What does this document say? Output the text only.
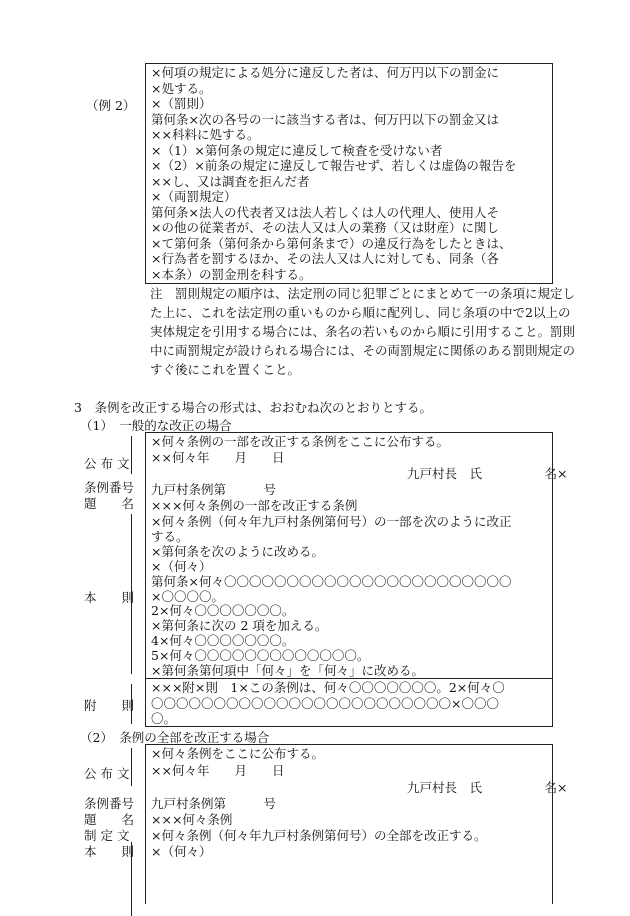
（例 2）
×何項の規定による処分に違反した者は、何万円以下の罰金に
×処する。
×（罰則）
第何条×次の各号の一に該当する者は、何万円以下の罰金又は
××科料に処する。
×（1）×第何条の規定に違反して検査を受けない者
×（2）×前条の規定に違反して報告せず、若しくは虚偽の報告を
××し、又は調査を拒んだ者
×（両罰規定）
第何条×法人の代表者又は法人若しくは人の代理人、使用人そ
×の他の従業者が、その法人又は人の業務（又は財産）に関し
×て第何条（第何条から第何条まで）の違反行為をしたときは、
×行為者を罰するほか、その法人又は人に対しても、同条（各
×本条）の罰金刑を科する。
注　罰則規定の順序は、法定刑の同じ犯罪ごとにまとめて一の条項に規定し
た上に、これを法定刑の重いものから順に配列し、同じ条項の中で2以上の
実体規定を引用する場合には、条名の若いものから順に引用すること。罰則
中に両罰規定が設けられる場合には、その両罰規定に関係のある罰則規定の
すぐ後にこれを置くこと。
3　条例を改正する場合の形式は、おおむね次のとおりとする。
（1）　一般的な改正の場合
公 布 文
条例番号
題　　名
本　　則
附　　則
×何々条例の一部を改正する条例をここに公布する。
××何々年　　月　　日
九戸村長　氏　　　　　名×
九戸村条例第　　　号
×××何々条例の一部を改正する条例
×何々条例（何々年九戸村条例第何号）の一部を次のように改正
する。
×第何条を次のように改める。
×（何々）
第何条×何々〇〇〇〇〇〇〇〇〇〇〇〇〇〇〇〇〇〇〇〇〇〇〇
×〇〇〇〇。
2×何々〇〇〇〇〇〇〇。
×第何条に次の 2 項を加える。
4×何々〇〇〇〇〇〇〇。
5×何々〇〇〇〇〇〇〇〇〇〇〇〇〇。
×第何条第何項中「何々」を「何々」に改める。
×××附×則　1×この条例は、何々〇〇〇〇〇〇〇。2×何々〇
〇〇〇〇〇〇〇〇〇〇〇〇〇〇〇〇〇〇〇〇〇〇〇〇×〇〇〇
〇。
（2）　条例の全部を改正する場合
公 布 文
条例番号
題　　名
制 定 文
本　　則
×何々条例をここに公布する。
××何々年　　月　　日
九戸村長　氏　　　　　名×
九戸村条例第　　　号
×××何々条例
×何々条例（何々年九戸村条例第何号）の全部を改正する。
×（何々）
